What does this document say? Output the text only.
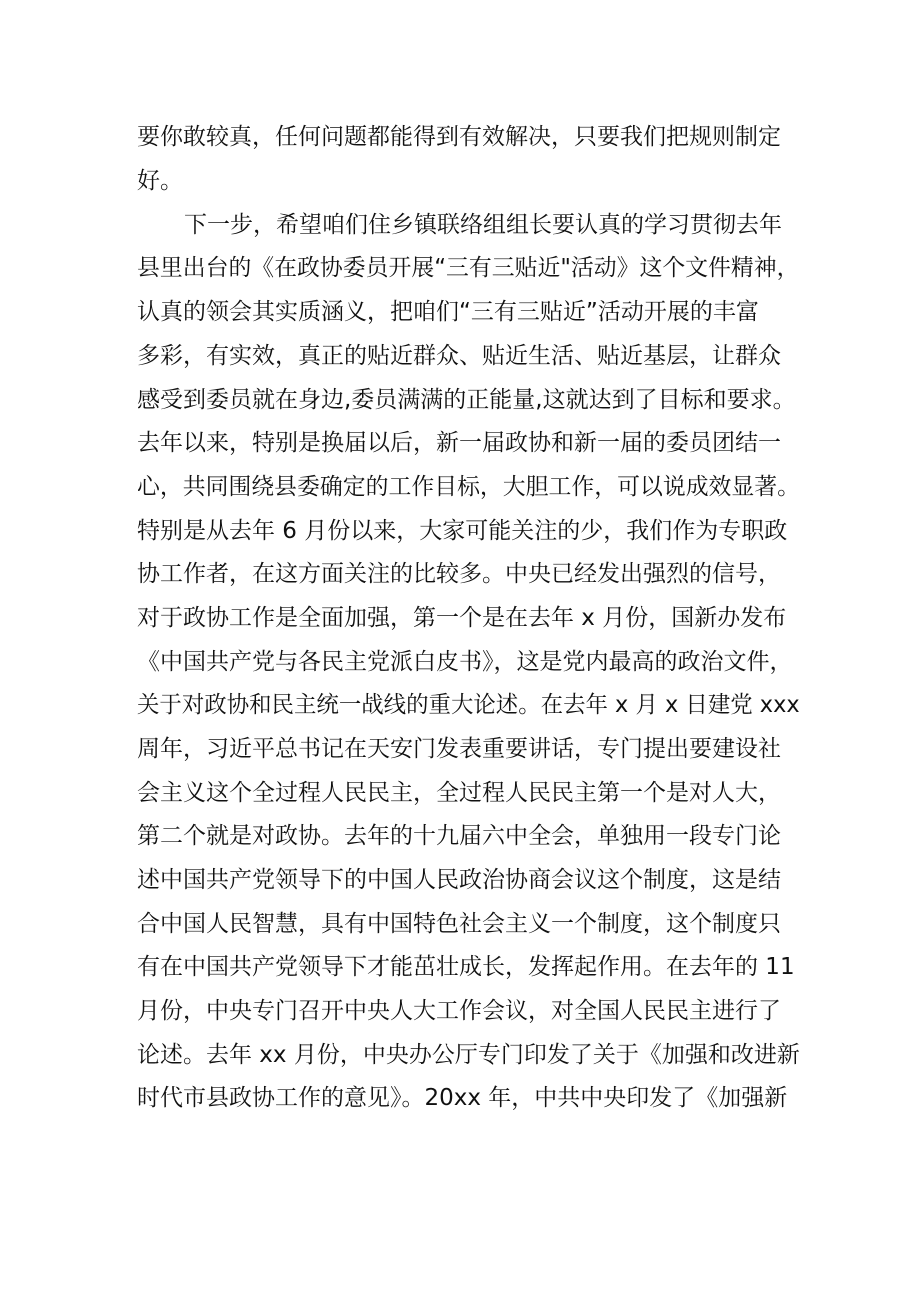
要你敢较真，任何问题都能得到有效解决，只要我们把规则制定
好。
下一步，希望咱们住乡镇联络组组长要认真的学习贯彻去年
县里出台的《在政协委员开展“三有三贴近"活动》这个文件精神，
认真的领会其实质涵义，把咱们“三有三贴近”活动开展的丰富
多彩，有实效，真正的贴近群众、贴近生活、贴近基层，让群众
感受到委员就在身边,委员满满的正能量,这就达到了目标和要求。
去年以来，特别是换届以后，新一届政协和新一届的委员团结一
心，共同围绕县委确定的工作目标，大胆工作，可以说成效显著。
特别是从去年 6 月份以来，大家可能关注的少，我们作为专职政
协工作者，在这方面关注的比较多。中央已经发出强烈的信号，
对于政协工作是全面加强，第一个是在去年 x 月份，国新办发布
《中国共产党与各民主党派白皮书》，这是党内最高的政治文件，
关于对政协和民主统一战线的重大论述。在去年 x 月 x 日建党 xxx
周年，习近平总书记在天安门发表重要讲话，专门提出要建设社
会主义这个全过程人民民主，全过程人民民主第一个是对人大，
第二个就是对政协。去年的十九届六中全会，单独用一段专门论
述中国共产党领导下的中国人民政治协商会议这个制度，这是结
合中国人民智慧，具有中国特色社会主义一个制度，这个制度只
有在中国共产党领导下才能茁壮成长，发挥起作用。在去年的 11
月份，中央专门召开中央人大工作会议，对全国人民民主进行了
论述。去年 xx 月份，中央办公厅专门印发了关于《加强和改进新
时代市县政协工作的意见》。20xx 年，中共中央印发了《加强新
